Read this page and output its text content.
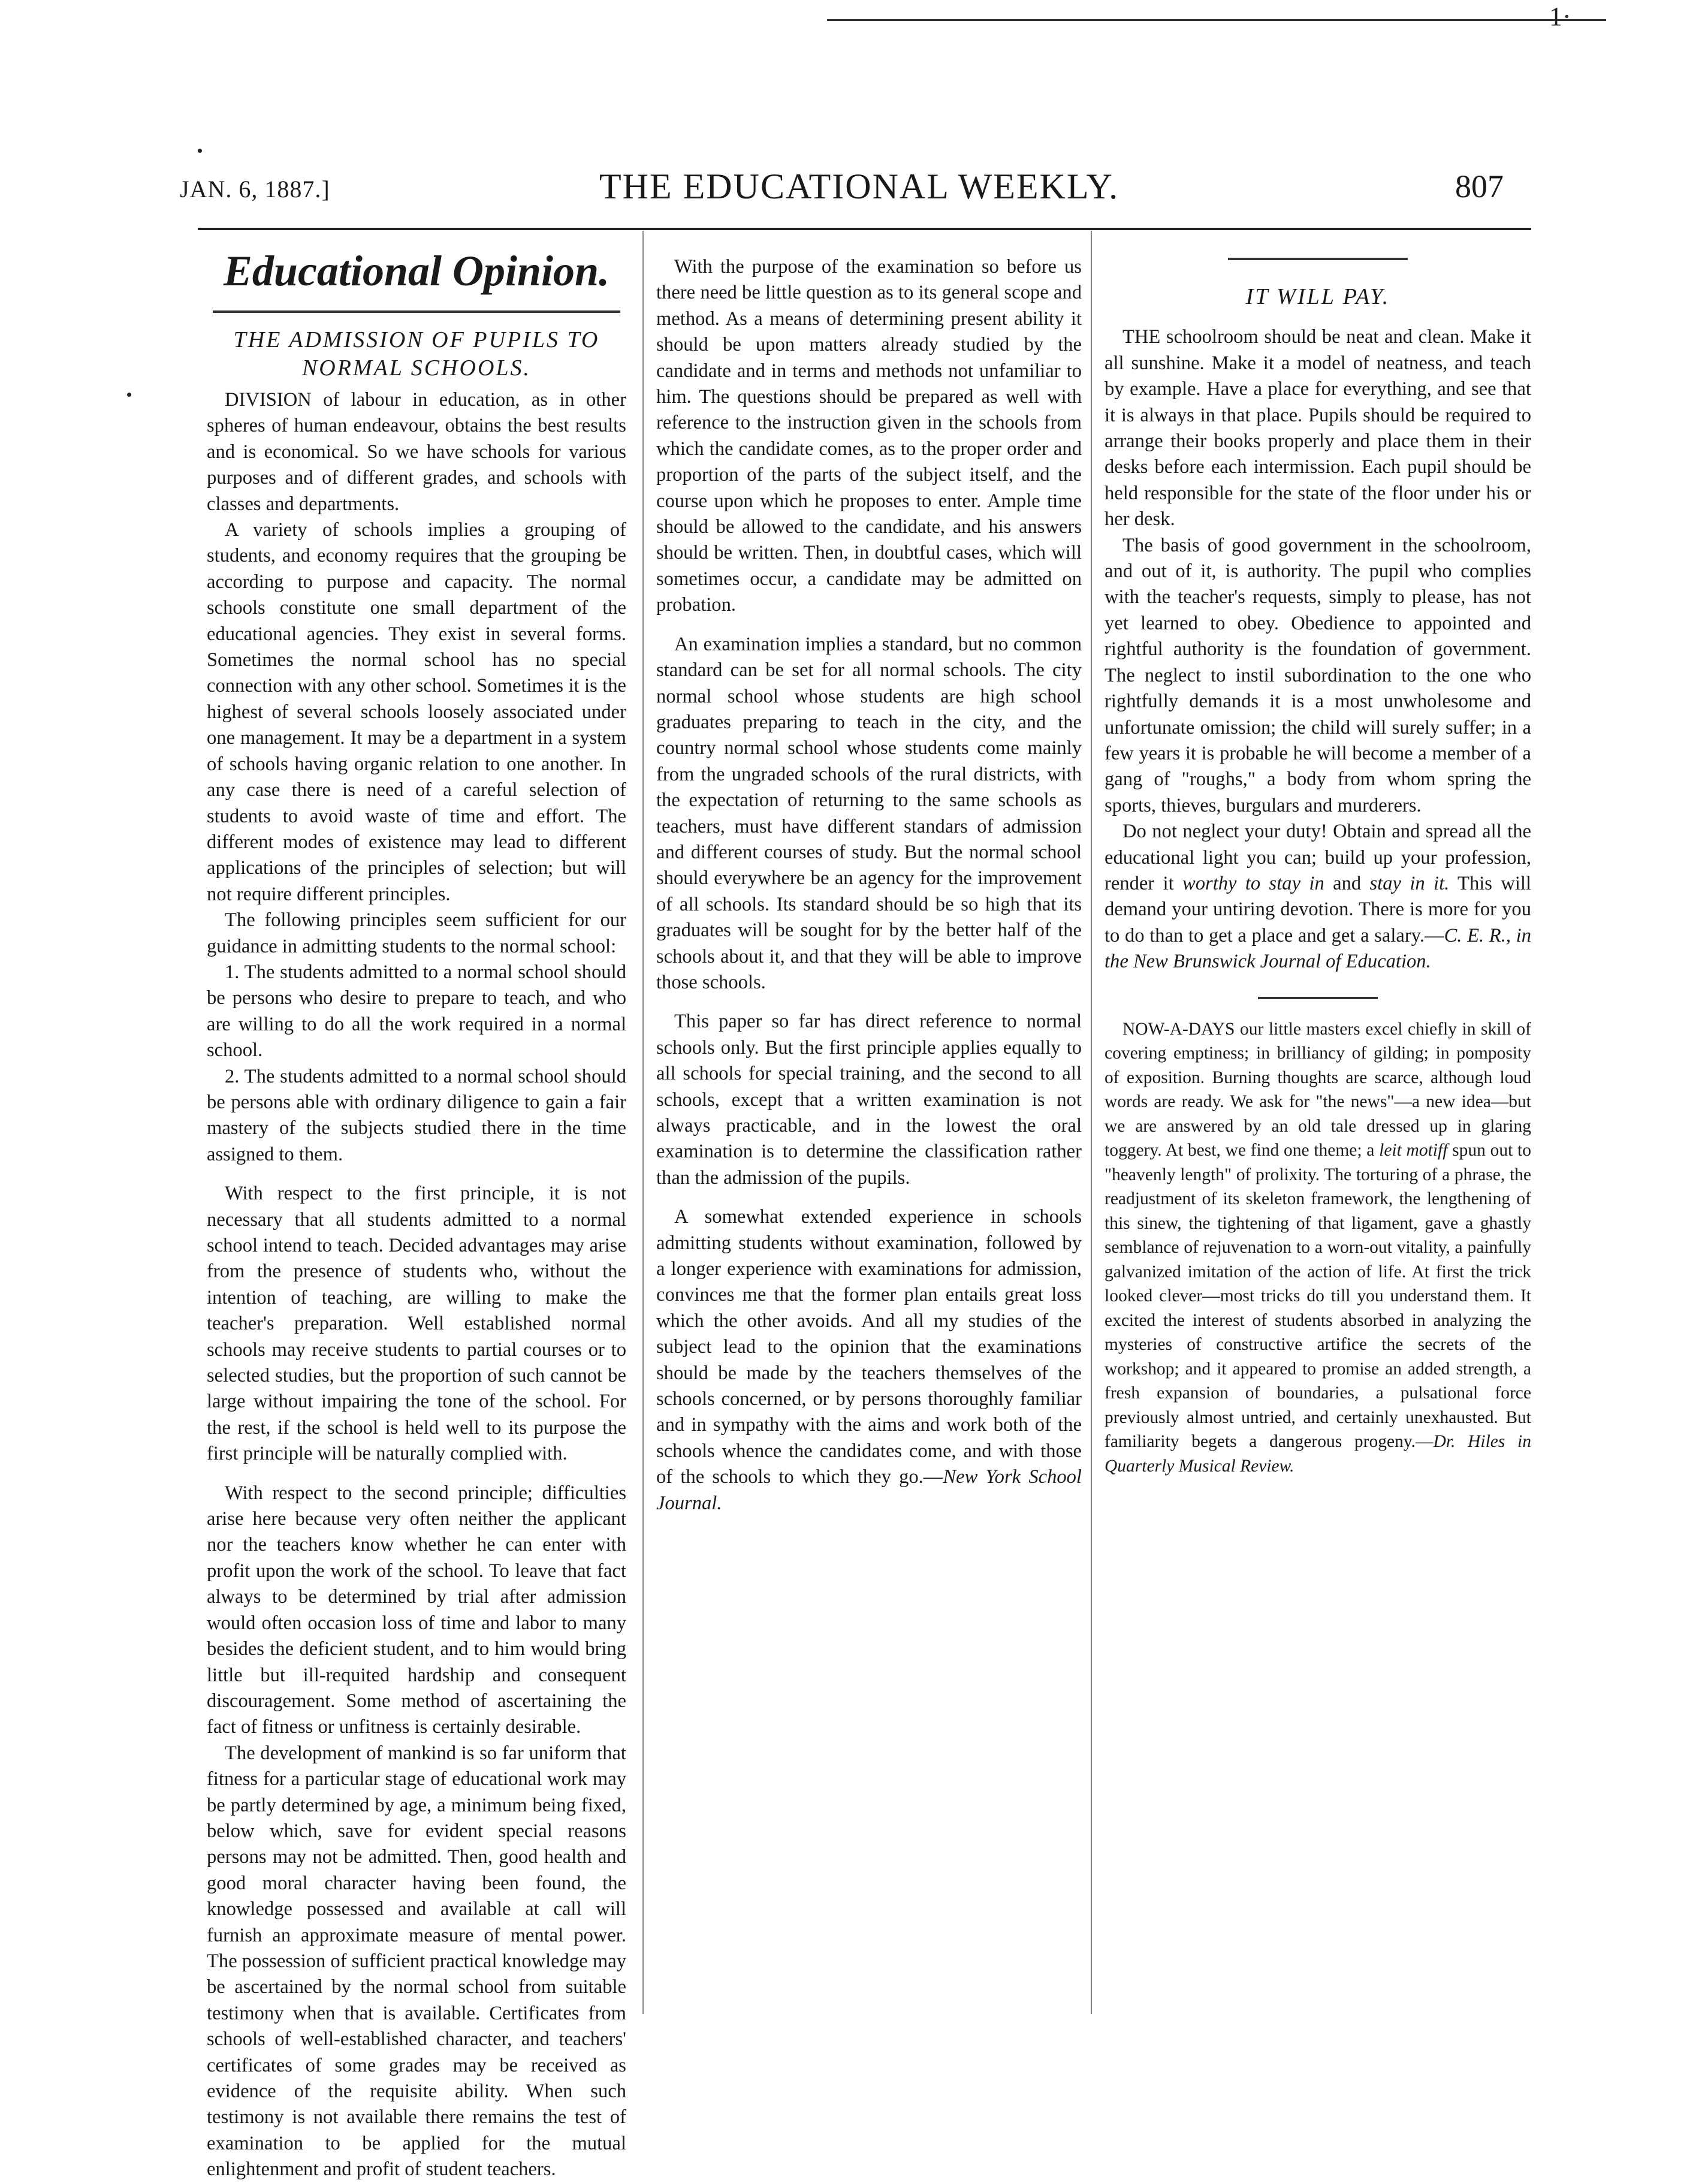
1·
JAN. 6, 1887.]	THE EDUCATIONAL WEEKLY.	807
Educational Opinion.
THE ADMISSION OF PUPILS TO NORMAL SCHOOLS.

DIVISION of labour in education, as in other spheres of human endeavour, obtains the best results and is economical. So we have schools for various purposes and of different grades, and schools with classes and departments.

A variety of schools implies a grouping of students, and economy requires that the grouping be according to purpose and capacity. The normal schools constitute one small department of the educational agencies. They exist in several forms. Sometimes the normal school has no special connection with any other school. Sometimes it is the highest of several schools loosely associated under one management. It may be a department in a system of schools having organic relation to one another. In any case there is need of a careful selection of students to avoid waste of time and effort. The different modes of existence may lead to different applications of the principles of selection; but will not require different principles.

The following principles seem sufficient for our guidance in admitting students to the normal school:

1. The students admitted to a normal school should be persons who desire to prepare to teach, and who are willing to do all the work required in a normal school.

2. The students admitted to a normal school should be persons able with ordinary diligence to gain a fair mastery of the subjects studied there in the time assigned to them.

With respect to the first principle, it is not necessary that all students admitted to a normal school intend to teach. Decided advantages may arise from the presence of students who, without the intention of teaching, are willing to make the teacher's preparation. Well established normal schools may receive students to partial courses or to selected studies, but the proportion of such cannot be large without impairing the tone of the school. For the rest, if the school is held well to its purpose the first principle will be naturally complied with.

With respect to the second principle; difficulties arise here because very often neither the applicant nor the teachers know whether he can enter with profit upon the work of the school. To leave that fact always to be determined by trial after admission would often occasion loss of time and labor to many besides the deficient student, and to him would bring little but ill-requited hardship and consequent discouragement. Some method of ascertaining the fact of fitness or unfitness is certainly desirable.

The development of mankind is so far uniform that fitness for a particular stage of educational work may be partly determined by age, a minimum being fixed, below which, save for evident special reasons persons may not be admitted. Then, good health and good moral character having been found, the knowledge possessed and available at call will furnish an approximate measure of mental power. The possession of sufficient practical knowledge may be ascertained by the normal school from suitable testimony when that is available. Certificates from schools of well-established character, and teachers' certificates of some grades may be received as evidence of the requisite ability. When such testimony is not available there remains the test of examination to be applied for the mutual enlightenment and profit of student teachers.

With the purpose of the examination so before us there need be little question as to its general scope and method. As a means of determining present ability it should be upon matters already studied by the candidate and in terms and methods not unfamiliar to him. The questions should be prepared as well with reference to the instruction given in the schools from which the candidate comes, as to the proper order and proportion of the parts of the subject itself, and the course upon which he proposes to enter. Ample time should be allowed to the candidate, and his answers should be written. Then, in doubtful cases, which will sometimes occur, a candidate may be admitted on probation.

An examination implies a standard, but no common standard can be set for all normal schools. The city normal school whose students are high school graduates preparing to teach in the city, and the country normal school whose students come mainly from the ungraded schools of the rural districts, with the expectation of returning to the same schools as teachers, must have different standars of admission and different courses of study. But the normal school should everywhere be an agency for the improvement of all schools. Its standard should be so high that its graduates will be sought for by the better half of the schools about it, and that they will be able to improve those schools.

This paper so far has direct reference to normal schools only. But the first principle applies equally to all schools for special training, and the second to all schools, except that a written examination is not always practicable, and in the lowest the oral examination is to determine the classification rather than the admission of the pupils.

A somewhat extended experience in schools admitting students without examination, followed by a longer experience with examinations for admission, convinces me that the former plan entails great loss which the other avoids. And all my studies of the subject lead to the opinion that the examinations should be made by the teachers themselves of the schools concerned, or by persons thoroughly familiar and in sympathy with the aims and work both of the schools whence the candidates come, and with those of the schools to which they go.—New York School Journal.

IT WILL PAY.

THE schoolroom should be neat and clean. Make it all sunshine. Make it a model of neatness, and teach by example. Have a place for everything, and see that it is always in that place. Pupils should be required to arrange their books properly and place them in their desks before each intermission. Each pupil should be held responsible for the state of the floor under his or her desk.

The basis of good government in the schoolroom, and out of it, is authority. The pupil who complies with the teacher's requests, simply to please, has not yet learned to obey. Obedience to appointed and rightful authority is the foundation of government. The neglect to instil subordination to the one who rightfully demands it is a most unwholesome and unfortunate omission; the child will surely suffer; in a few years it is probable he will become a member of a gang of "roughs," a body from whom spring the sports, thieves, burgulars and murderers.

Do not neglect your duty! Obtain and spread all the educational light you can; build up your profession, render it worthy to stay in and stay in it. This will demand your untiring devotion. There is more for you to do than to get a place and get a salary.—C. E. R., in the New Brunswick Journal of Education.

NOW-A-DAYS our little masters excel chiefly in skill of covering emptiness; in brilliancy of gilding; in pomposity of exposition. Burning thoughts are scarce, although loud words are ready. We ask for "the news"—a new idea—but we are answered by an old tale dressed up in glaring toggery. At best, we find one theme; a leit motiff spun out to "heavenly length" of prolixity. The torturing of a phrase, the readjustment of its skeleton framework, the lengthening of this sinew, the tightening of that ligament, gave a ghastly semblance of rejuvenation to a worn-out vitality, a painfully galvanized imitation of the action of life. At first the trick looked clever—most tricks do till you understand them. It excited the interest of students absorbed in analyzing the mysteries of constructive artifice the secrets of the workshop; and it appeared to promise an added strength, a fresh expansion of boundaries, a pulsational force previously almost untried, and certainly unexhausted. But familiarity begets a dangerous progeny.—Dr. Hiles in Quarterly Musical Review.
